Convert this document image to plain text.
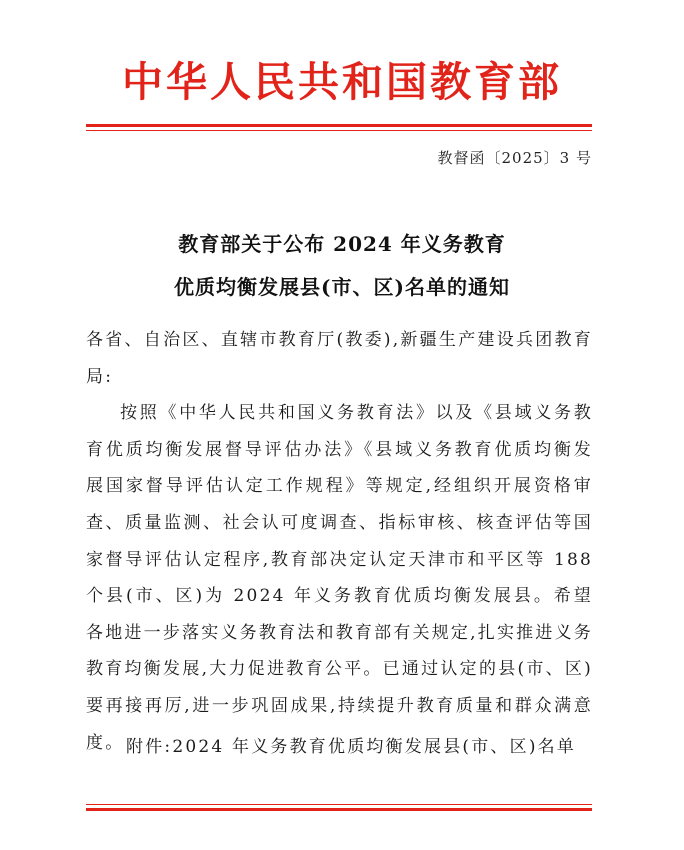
中华人民共和国教育部
教督函〔2025〕3 号
教育部关于公布 2024 年义务教育
优质均衡发展县(市、区)名单的通知

各省、自治区、直辖市教育厅(教委),新疆生产建设兵团教育局:

按照《中华人民共和国义务教育法》以及《县域义务教育优质均衡发展督导评估办法》《县域义务教育优质均衡发展国家督导评估认定工作规程》等规定,经组织开展资格审查、质量监测、社会认可度调查、指标审核、核查评估等国家督导评估认定程序,教育部决定认定天津市和平区等 188 个县(市、区)为 2024 年义务教育优质均衡发展县。希望各地进一步落实义务教育法和教育部有关规定,扎实推进义务教育均衡发展,大力促进教育公平。已通过认定的县(市、区)要再接再厉,进一步巩固成果,持续提升教育质量和群众满意度。 附件:2024 年义务教育优质均衡发展县(市、区)名单
